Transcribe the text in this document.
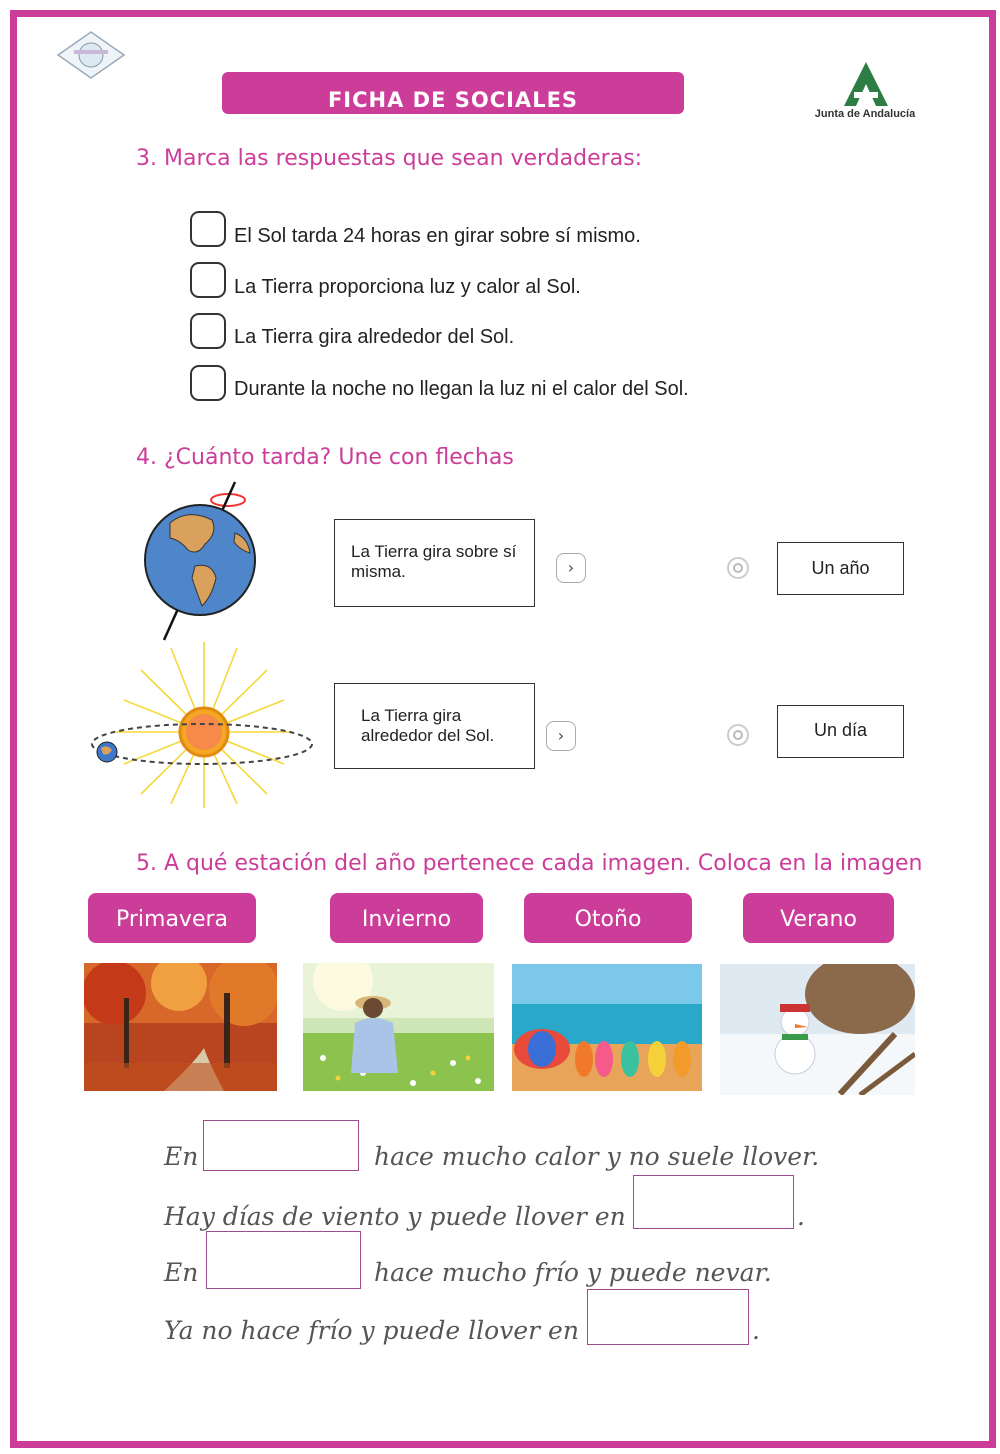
FICHA DE SOCIALES
Junta de Andalucía
3. Marca las respuestas que sean verdaderas:
El Sol tarda 24 horas en girar sobre sí mismo.
La Tierra proporciona luz y calor al Sol.
La Tierra gira alrededor del Sol.
Durante la noche no llegan la luz ni el calor del Sol.
4. ¿Cuánto tarda? Une con flechas
La Tierra gira sobre sí misma.	›	Un año
La Tierra gira alrededor del Sol.	›	Un día
5. A qué estación del año pertenece cada imagen. Coloca en la imagen
Primavera	Invierno	Otoño	Verano
En	hace mucho calor y no suele llover.
Hay días de viento y puede llover en	.
En	hace mucho frío y puede nevar.
Ya no hace frío y puede llover en	.
